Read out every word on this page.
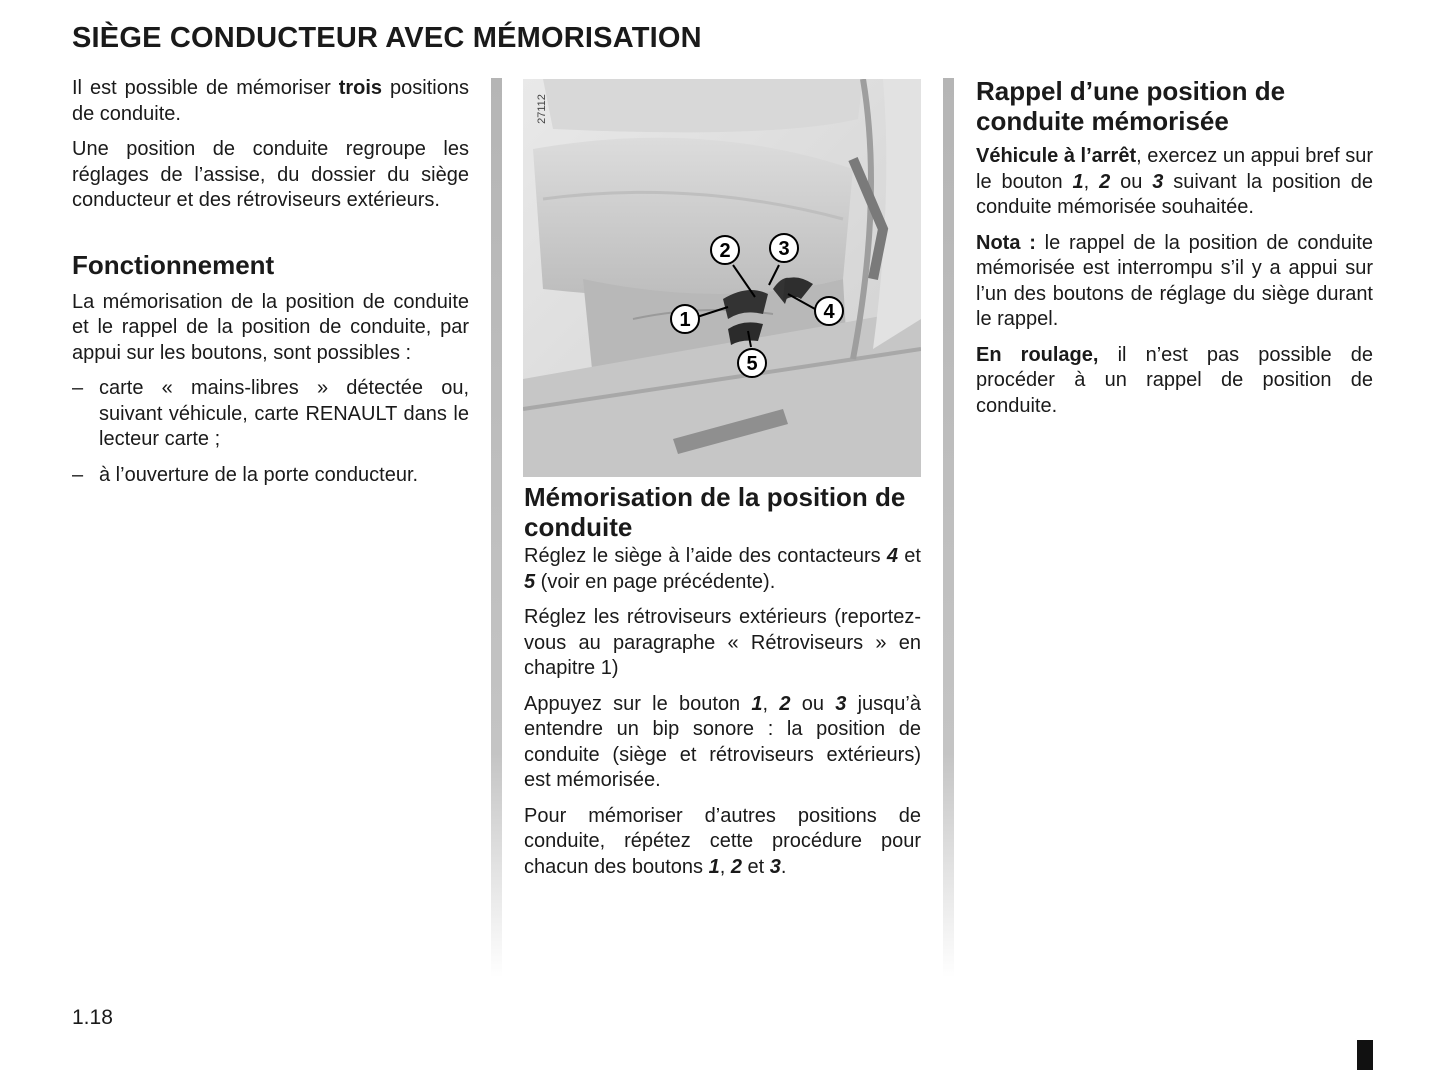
SIÈGE CONDUCTEUR AVEC MÉMORISATION

Il est possible de mémoriser trois positions de conduite.

Une position de conduite regroupe les réglages de l’assise, du dossier du siège conducteur et des rétroviseurs extérieurs.

Fonctionnement

La mémorisation de la position de conduite et le rappel de la position de conduite, par appui sur les boutons, sont possibles :

– carte « mains-libres » détectée ou, suivant véhicule, carte RENAULT dans le lecteur carte ;
– à l’ouverture de la porte conducteur.
27112
1
2 3
4
5
Mémorisation de la position de conduite

Réglez le siège à l’aide des contacteurs 4 et 5 (voir en page précédente).

Réglez les rétroviseurs extérieurs (reportez-vous au paragraphe « Rétroviseurs » en chapitre 1)

Appuyez sur le bouton 1, 2 ou 3 jusqu’à entendre un bip sonore : la position de conduite (siège et rétroviseurs extérieurs) est mémorisée.

Pour mémoriser d’autres positions de conduite, répétez cette procédure pour chacun des boutons 1, 2 et 3.

Rappel d’une position de conduite mémorisée

Véhicule à l’arrêt, exercez un appui bref sur le bouton 1, 2 ou 3 suivant la position de conduite mémorisée souhaitée.

Nota : le rappel de la position de conduite mémorisée est interrompu s’il y a appui sur l’un des boutons de réglage du siège durant le rappel.

En roulage, il n’est pas possible de procéder à un rappel de position de conduite.

1.18
